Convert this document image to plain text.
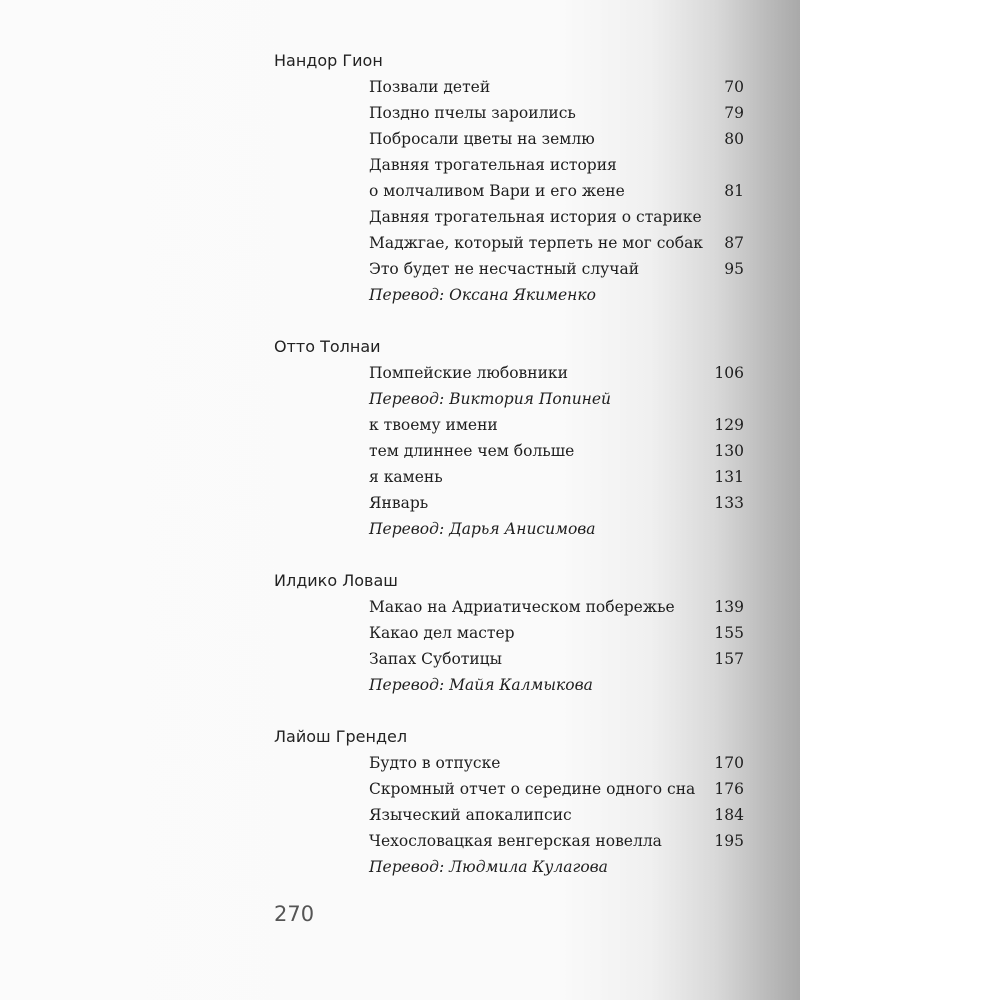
Нандор Гион
Позвали детей	70
Поздно пчелы зароились	79
Побросали цветы на землю	80
Давняя трогательная история
о молчаливом Вари и его жене	81
Давняя трогательная история о старике
Маджгае, который терпеть не мог собак 87
Это будет не несчастный случай	95
Перевод: Оксана Якименко
Отто Толнаи
Помпейские любовники	106
Перевод: Виктория Попиней
к твоему имени	129
тем длиннее чем больше	130
я камень	131
Январь	133
Перевод: Дарья Анисимова
Илдико Ловаш
Макао на Адриатическом побережье	139
Какао дел мастер	155
Запах Суботицы	157
Перевод: Майя Калмыкова
Лайош Грендел
Будто в отпуске	170
Скромный отчет о середине одного сна 176
Языческий апокалипсис	184
Чехословацкая венгерская новелла	195
Перевод: Людмила Кулагова
270
